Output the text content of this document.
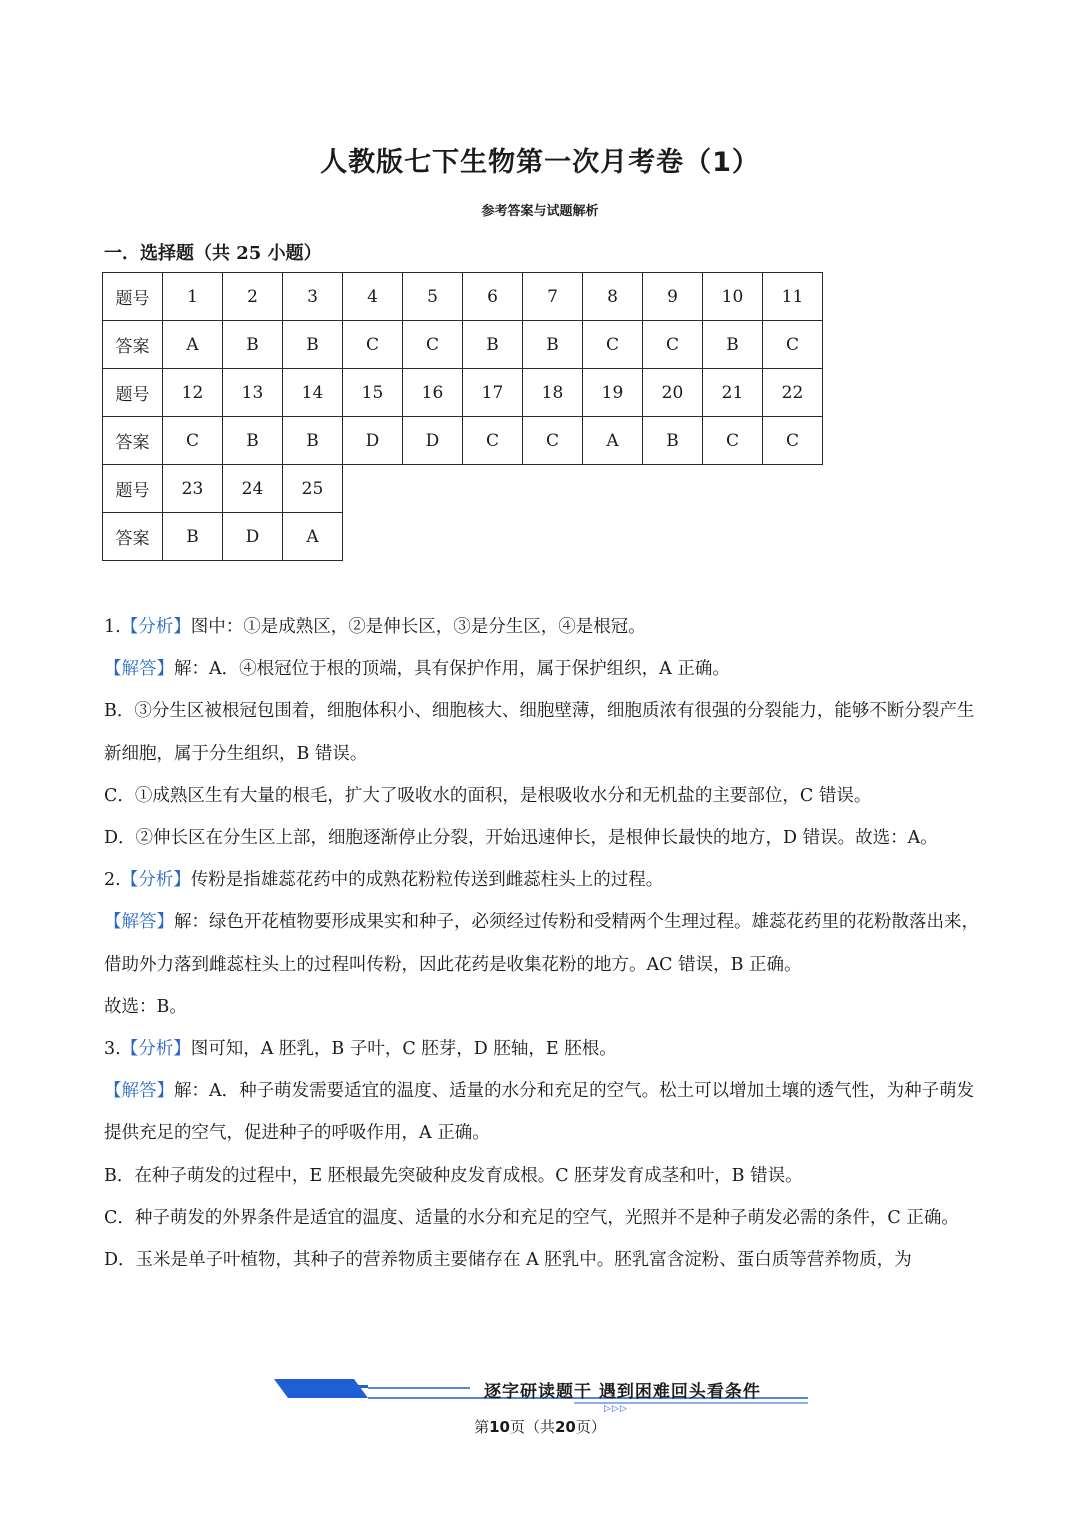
人教版七下生物第一次月考卷（1）
参考答案与试题解析
一．选择题（共 25 小题）
题号	1	2	3	4	5	6	7	8	9	10	11
答案	A	B	B	C	C	B	B	C	C	B	C
题号	12	13	14	15	16	17	18	19	20	21	22
答案	C	B	B	D	D	C	C	A	B	C	C
题号	23	24	25								
答案	B	D	A								

1.【分析】图中：①是成熟区，②是伸长区，③是分生区，④是根冠。

【解答】解：A．④根冠位于根的顶端，具有保护作用，属于保护组织，A 正确。

B．③分生区被根冠包围着，细胞体积小、细胞核大、细胞壁薄，细胞质浓有很强的分裂能力，能够不断分裂产生新细胞，属于分生组织，B 错误。

C．①成熟区生有大量的根毛，扩大了吸收水的面积，是根吸收水分和无机盐的主要部位，C 错误。

D．②伸长区在分生区上部，细胞逐渐停止分裂，开始迅速伸长，是根伸长最快的地方，D 错误。故选：A。

2.【分析】传粉是指雄蕊花药中的成熟花粉粒传送到雌蕊柱头上的过程。

【解答】解：绿色开花植物要形成果实和种子，必须经过传粉和受精两个生理过程。雄蕊花药里的花粉散落出来，借助外力落到雌蕊柱头上的过程叫传粉，因此花药是收集花粉的地方。AC 错误，B 正确。

故选：B。

3.【分析】图可知，A 胚乳，B 子叶，C 胚芽，D 胚轴，E 胚根。

【解答】解：A．种子萌发需要适宜的温度、适量的水分和充足的空气。松土可以增加土壤的透气性，为种子萌发提供充足的空气，促进种子的呼吸作用，A 正确。

B．在种子萌发的过程中，E 胚根最先突破种皮发育成根。C 胚芽发育成茎和叶，B 错误。

C．种子萌发的外界条件是适宜的温度、适量的水分和充足的空气，光照并不是种子萌发必需的条件，C 正确。

D．玉米是单子叶植物，其种子的营养物质主要储存在 A 胚乳中。胚乳富含淀粉、蛋白质等营养物质，为

逐字研读题干 遇到困难回头看条件
▷▷▷
第10页（共20页）
